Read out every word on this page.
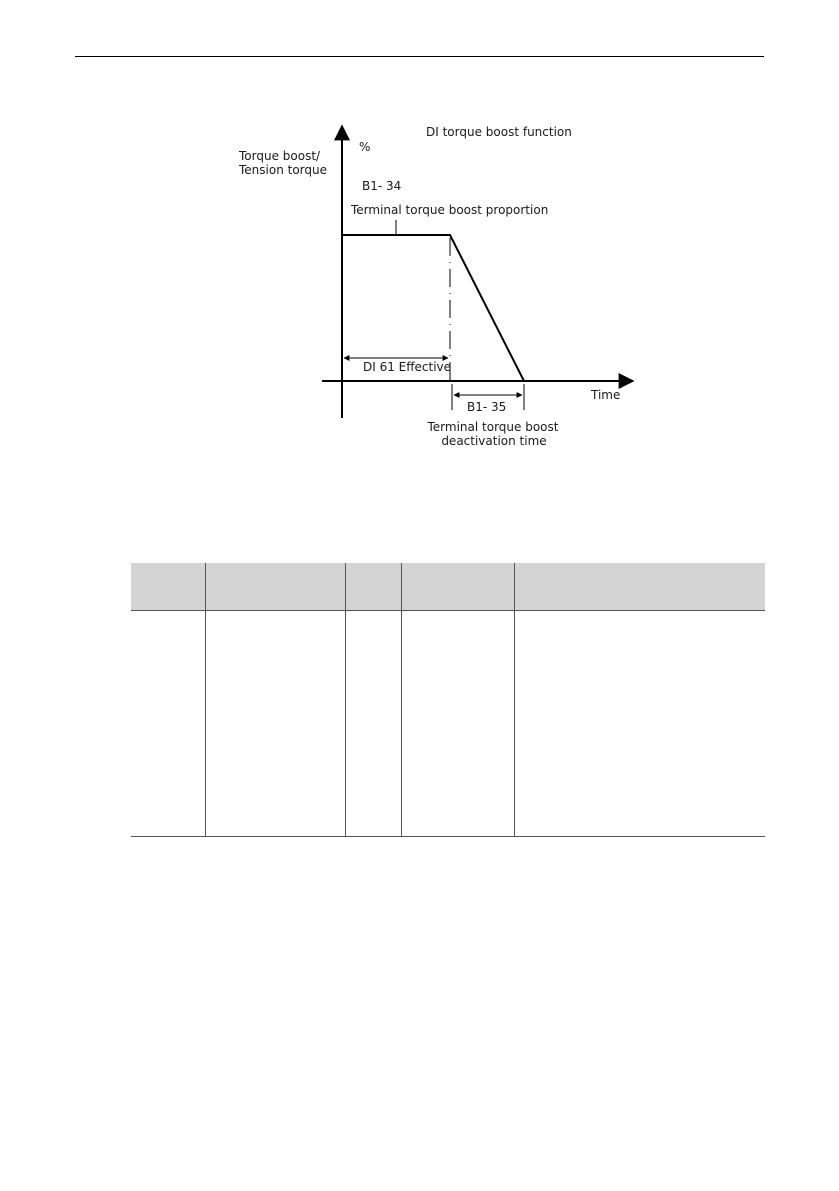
DI torque boost function
%
Torque boost/
Tension torque
B1- 34
Terminal torque boost proportion
DI 61 Effective
Time
B1- 35
Terminal torque boost
deactivation time
